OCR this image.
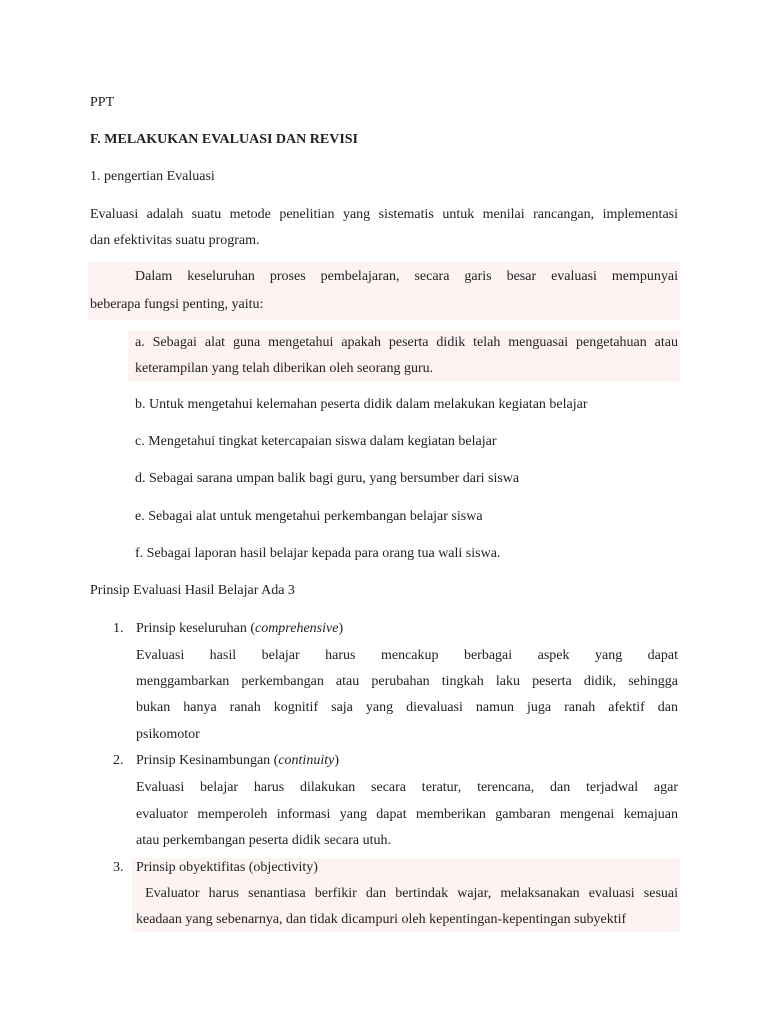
PPT
F. MELAKUKAN EVALUASI DAN REVISI
1. pengertian Evaluasi
Evaluasi adalah suatu metode penelitian yang sistematis untuk menilai rancangan, implementasi
dan efektivitas suatu program.
Dalam keseluruhan proses pembelajaran, secara garis besar evaluasi mempunyai
beberapa fungsi penting, yaitu:
a. Sebagai alat guna mengetahui apakah peserta didik telah menguasai pengetahuan atau
keterampilan yang telah diberikan oleh seorang guru.
b. Untuk mengetahui kelemahan peserta didik dalam melakukan kegiatan belajar
c. Mengetahui tingkat ketercapaian siswa dalam kegiatan belajar
d. Sebagai sarana umpan balik bagi guru, yang bersumber dari siswa
e. Sebagai alat untuk mengetahui perkembangan belajar siswa
f. Sebagai laporan hasil belajar kepada para orang tua wali siswa.
Prinsip Evaluasi Hasil Belajar Ada 3
1. Prinsip keseluruhan (comprehensive)
Evaluasi hasil belajar harus mencakup berbagai aspek yang dapat
menggambarkan perkembangan atau perubahan tingkah laku peserta didik, sehingga
bukan hanya ranah kognitif saja yang dievaluasi namun juga ranah afektif dan
psikomotor
2. Prinsip Kesinambungan (continuity)
Evaluasi belajar harus dilakukan secara teratur, terencana, dan terjadwal agar
evaluator memperoleh informasi yang dapat memberikan gambaran mengenai kemajuan
atau perkembangan peserta didik secara utuh.
3. Prinsip obyektifitas (objectivity)
Evaluator harus senantiasa berfikir dan bertindak wajar, melaksanakan evaluasi sesuai
keadaan yang sebenarnya, dan tidak dicampuri oleh kepentingan-kepentingan subyektif
